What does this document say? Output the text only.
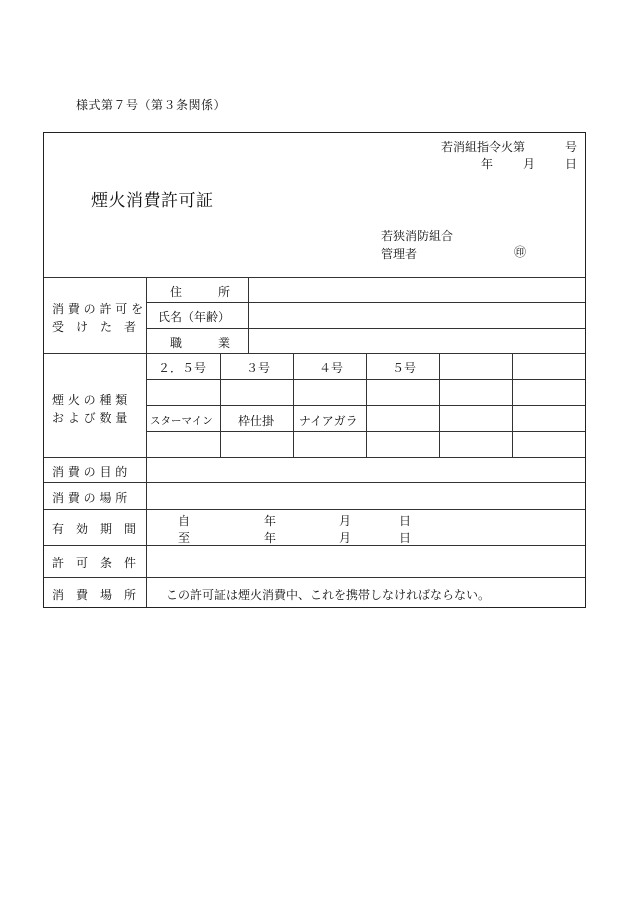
様式第７号（第３条関係）
若消組指令火第	号
年	月	日
煙火消費許可証
若狭消防組合
管理者	㊞
消 費 の 許 可 を
受　け　た　者
住　　　所
氏名（年齢）
職　　　業
煙 火 の 種 類
お よ び 数 量
２．５号	３号	４号	５号
スターマイン 枠仕掛 ナイアガラ
消 費 の 目 的
消 費 の 場 所
有　効　期　間
自	年	月	日
至	年	月	日
許　可　条　件
消　費　場　所 この許可証は煙火消費中、これを携帯しなければならない。
